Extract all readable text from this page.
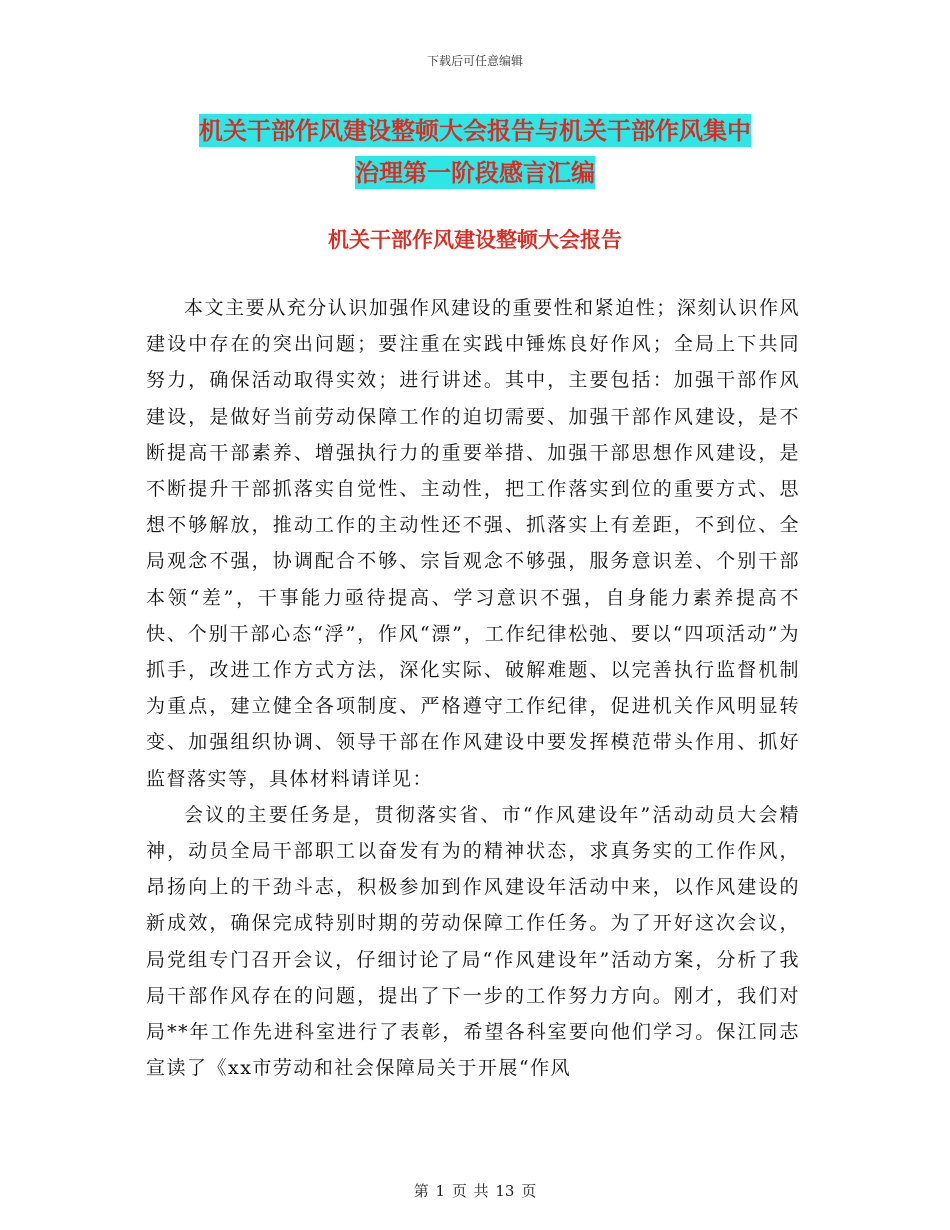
下载后可任意编辑
机关干部作风建设整顿大会报告与机关干部作风集中
治理第一阶段感言汇编
机关干部作风建设整顿大会报告

本文主要从充分认识加强作风建设的重要性和紧迫性；深刻认识作风建设中存在的突出问题；要注重在实践中锤炼良好作风；全局上下共同努力，确保活动取得实效；进行讲述。其中，主要包括：加强干部作风建设，是做好当前劳动保障工作的迫切需要、加强干部作风建设，是不断提高干部素养、增强执行力的重要举措、加强干部思想作风建设，是不断提升干部抓落实自觉性、主动性，把工作落实到位的重要方式、思想不够解放，推动工作的主动性还不强、抓落实上有差距，不到位、全局观念不强，协调配合不够、宗旨观念不够强，服务意识差、个别干部本领“差”，干事能力亟待提高、学习意识不强，自身能力素养提高不快、个别干部心态“浮”，作风“漂”，工作纪律松弛、要以“四项活动”为抓手，改进工作方式方法，深化实际、破解难题、以完善执行监督机制为重点，建立健全各项制度、严格遵守工作纪律，促进机关作风明显转变、加强组织协调、领导干部在作风建设中要发挥模范带头作用、抓好监督落实等，具体材料请详见：

会议的主要任务是，贯彻落实省、市“作风建设年”活动动员大会精神，动员全局干部职工以奋发有为的精神状态，求真务实的工作作风，昂扬向上的干劲斗志，积极参加到作风建设年活动中来，以作风建设的新成效，确保完成特别时期的劳动保障工作任务。为了开好这次会议，局党组专门召开会议，仔细讨论了局“作风建设年”活动方案，分析了我局干部作风存在的问题，提出了下一步的工作努力方向。刚才，我们对局**年工作先进科室进行了表彰，希望各科室要向他们学习。保江同志宣读了《xx市劳动和社会保障局关于开展“作风

第 1 页 共 13 页
